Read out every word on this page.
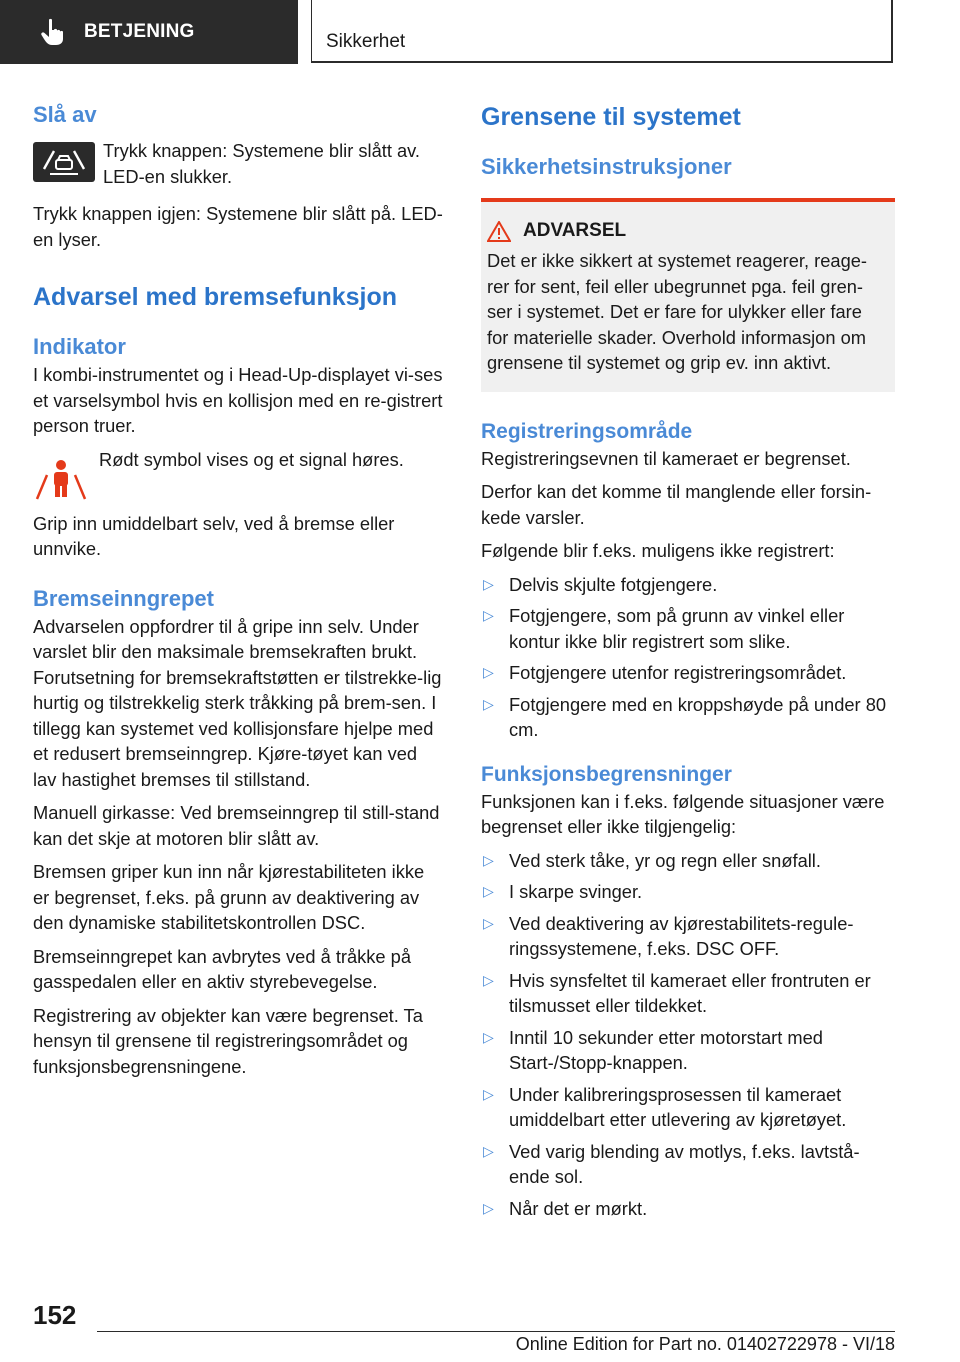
BETJENING	Sikkerhet
Slå av

Trykk knappen: Systemene blir slått av. LED-en slukker.

Trykk knappen igjen: Systemene blir slått på. LED-en lyser.

Advarsel med bremsefunksjon
Indikator

I kombi-instrumentet og i Head-Up-displayet vi-ses et varselsymbol hvis en kollisjon med en re-gistrert person truer.

Rødt symbol vises og et signal høres.

Grip inn umiddelbart selv, ved å bremse eller unnvike.

Bremseinngrepet

Advarselen oppfordrer til å gripe inn selv. Under varslet blir den maksimale bremsekraften brukt. Forutsetning for bremsekraftstøtten er tilstrekke-lig hurtig og tilstrekkelig sterk tråkking på brem-sen. I tillegg kan systemet ved kollisjonsfare hjelpe med et redusert bremseinngrep. Kjøre-tøyet kan ved lav hastighet bremses til stillstand.

Manuell girkasse: Ved bremseinngrep til still-stand kan det skje at motoren blir slått av.

Bremsen griper kun inn når kjørestabiliteten ikke er begrenset, f.eks. på grunn av deaktivering av den dynamiske stabilitetskontrollen DSC.

Bremseinngrepet kan avbrytes ved å tråkke på gasspedalen eller en aktiv styrebevegelse.

Registrering av objekter kan være begrenset. Ta hensyn til grensene til registreringsområdet og funksjonsbegrensningene.

Grensene til systemet
Sikkerhetsinstruksjoner
ADVARSEL

Det er ikke sikkert at systemet reagerer, reage-rer for sent, feil eller ubegrunnet pga. feil gren-ser i systemet. Det er fare for ulykker eller fare for materielle skader. Overhold informasjon om grensene til systemet og grip ev. inn aktivt.

Registreringsområde

Registreringsevnen til kameraet er begrenset.

Derfor kan det komme til manglende eller forsin-kede varsler.

Følgende blir f.eks. muligens ikke registrert:

▷ Delvis skjulte fotgjengere.
▷ Fotgjengere, som på grunn av vinkel eller kontur ikke blir registrert som slike.
▷ Fotgjengere utenfor registreringsområdet.
▷ Fotgjengere med en kroppshøyde på under 80 cm.
Funksjonsbegrensninger

Funksjonen kan i f.eks. følgende situasjoner være begrenset eller ikke tilgjengelig:

▷ Ved sterk tåke, yr og regn eller snøfall.
▷ I skarpe svinger.
▷ Ved deaktivering av kjørestabilitets-regule-ringssystemene, f.eks. DSC OFF.
▷ Hvis synsfeltet til kameraet eller frontruten er tilsmusset eller tildekket.
▷ Inntil 10 sekunder etter motorstart med Start-/Stopp-knappen.
▷ Under kalibreringsprosessen til kameraet umiddelbart etter utlevering av kjøretøyet.
▷ Ved varig blending av motlys, f.eks. lavtstå-ende sol.
▷ Når det er mørkt.
152
Online Edition for Part no. 01402722978 - VI/18
